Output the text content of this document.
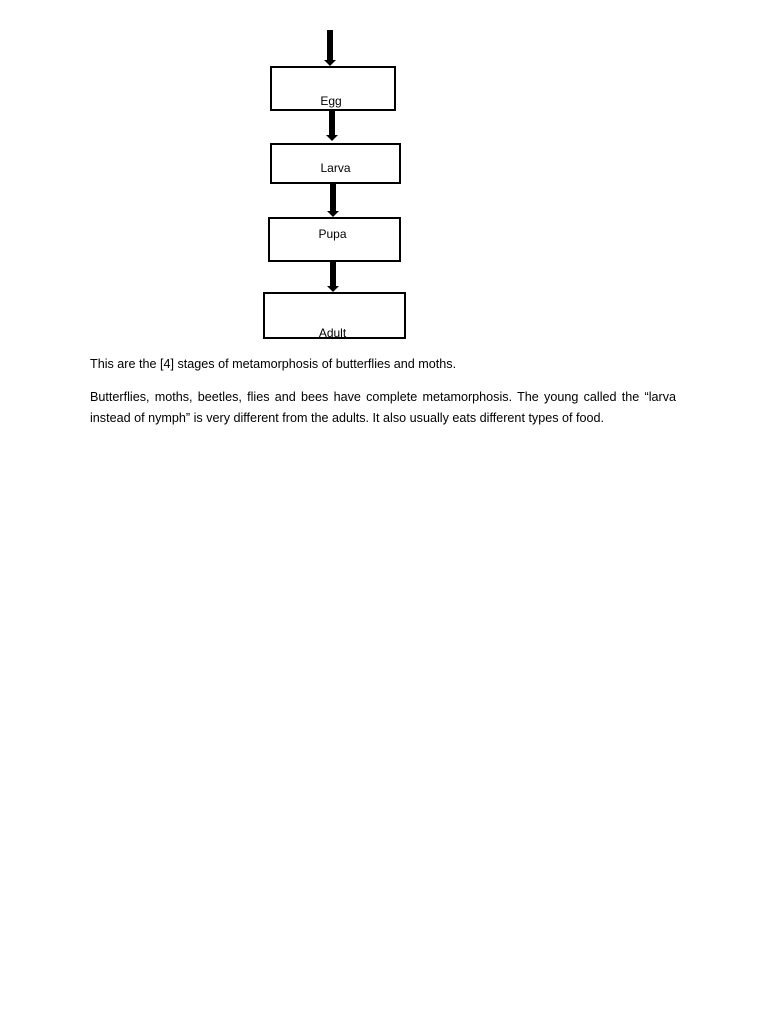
Egg
Larva
Pupa
Adult

This are the [4] stages of metamorphosis of butterflies and moths.

Butterflies, moths, beetles, flies and bees have complete metamorphosis. The young called the “larva instead of nymph” is very different from the adults. It also usually eats different types of food.
